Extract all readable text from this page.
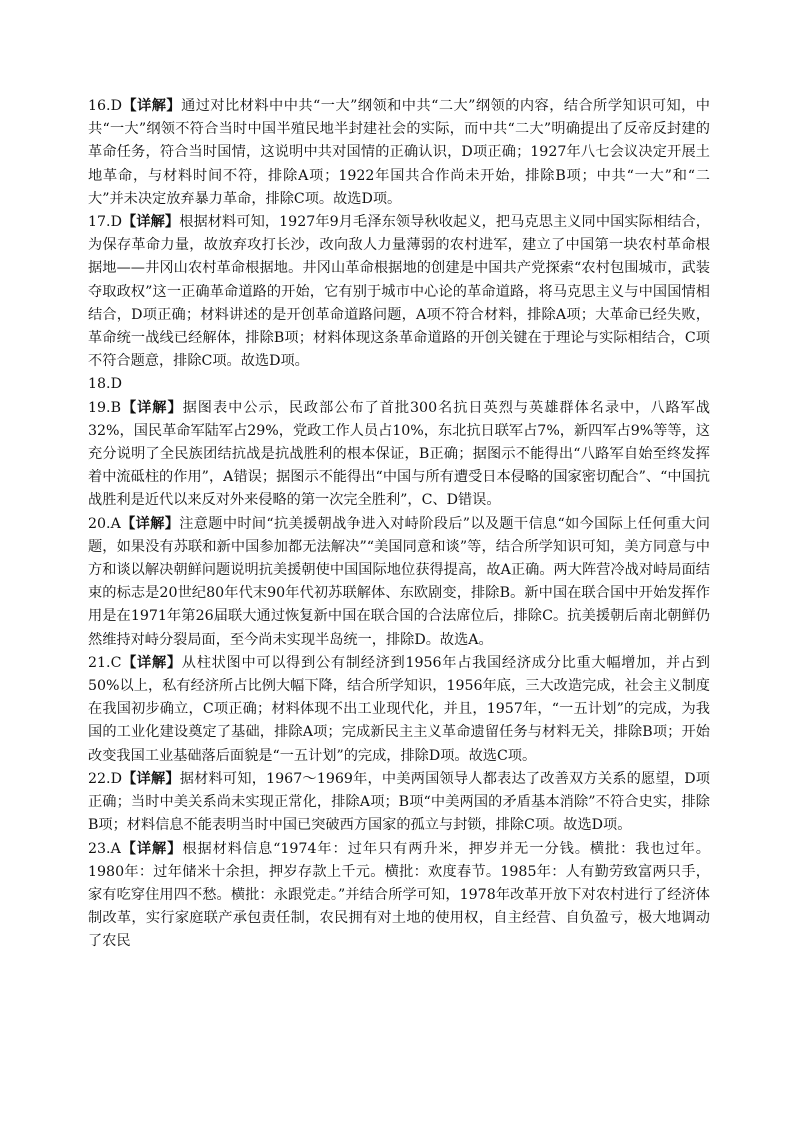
16.D【详解】通过对比材料中中共“一大”纲领和中共“二大”纲领的内容，结合所学知识可知，中共“一大”纲领不符合当时中国半殖民地半封建社会的实际，而中共“二大”明确提出了反帝反封建的革命任务，符合当时国情，这说明中共对国情的正确认识，D项正确；1927年八七会议决定开展土地革命，与材料时间不符，排除A项；1922年国共合作尚未开始，排除B项；中共“一大”和“二大”并未决定放弃暴力革命，排除C项。故选D项。

17.D【详解】根据材料可知，1927年9月毛泽东领导秋收起义，把马克思主义同中国实际相结合，为保存革命力量，故放弃攻打长沙，改向敌人力量薄弱的农村进军，建立了中国第一块农村革命根据地——井冈山农村革命根据地。井冈山革命根据地的创建是中国共产党探索“农村包围城市，武装夺取政权”这一正确革命道路的开始，它有别于城市中心论的革命道路，将马克思主义与中国国情相结合，D项正确；材料讲述的是开创革命道路问题，A项不符合材料，排除A项；大革命已经失败，革命统一战线已经解体，排除B项；材料体现这条革命道路的开创关键在于理论与实际相结合，C项不符合题意，排除C项。故选D项。

18.D

19.B【详解】据图表中公示，民政部公布了首批300名抗日英烈与英雄群体名录中，八路军战32%，国民革命军陆军占29%，党政工作人员占10%，东北抗日联军占7%，新四军占9%等等，这充分说明了全民族团结抗战是抗战胜利的根本保证，B正确；据图示不能得出“八路军自始至终发挥着中流砥柱的作用”，A错误；据图示不能得出“中国与所有遭受日本侵略的国家密切配合”、“中国抗战胜利是近代以来反对外来侵略的第一次完全胜利”，C、D错误。

20.A【详解】注意题中时间“抗美援朝战争进入对峙阶段后”以及题干信息“如今国际上任何重大问题，如果没有苏联和新中国参加都无法解决”“美国同意和谈”等，结合所学知识可知，美方同意与中方和谈以解决朝鲜问题说明抗美援朝使中国国际地位获得提高，故A正确。两大阵营冷战对峙局面结束的标志是20世纪80年代末90年代初苏联解体、东欧剧变，排除B。新中国在联合国中开始发挥作用是在1971年第26届联大通过恢复新中国在联合国的合法席位后，排除C。抗美援朝后南北朝鲜仍然维持对峙分裂局面，至今尚未实现半岛统一，排除D。故选A。

21.C【详解】从柱状图中可以得到公有制经济到1956年占我国经济成分比重大幅增加，并占到50%以上，私有经济所占比例大幅下降，结合所学知识，1956年底，三大改造完成，社会主义制度在我国初步确立，C项正确；材料体现不出工业现代化，并且，1957年，“一五计划”的完成，为我国的工业化建设奠定了基础，排除A项；完成新民主主义革命遗留任务与材料无关，排除B项；开始改变我国工业基础落后面貌是“一五计划”的完成，排除D项。故选C项。

22.D【详解】据材料可知，1967～1969年，中美两国领导人都表达了改善双方关系的愿望，D项正确；当时中美关系尚未实现正常化，排除A项；B项“中美两国的矛盾基本消除”不符合史实，排除B项；材料信息不能表明当时中国已突破西方国家的孤立与封锁，排除C项。故选D项。

23.A【详解】根据材料信息“1974年：过年只有两升米，押岁并无一分钱。横批：我也过年。1980年：过年储米十余担，押岁存款上千元。横批：欢度春节。1985年：人有勤劳致富两只手，家有吃穿住用四不愁。横批：永跟党走。”并结合所学可知，1978年改革开放下对农村进行了经济体制改革，实行家庭联产承包责任制，农民拥有对土地的使用权，自主经营、自负盈亏，极大地调动了农民
